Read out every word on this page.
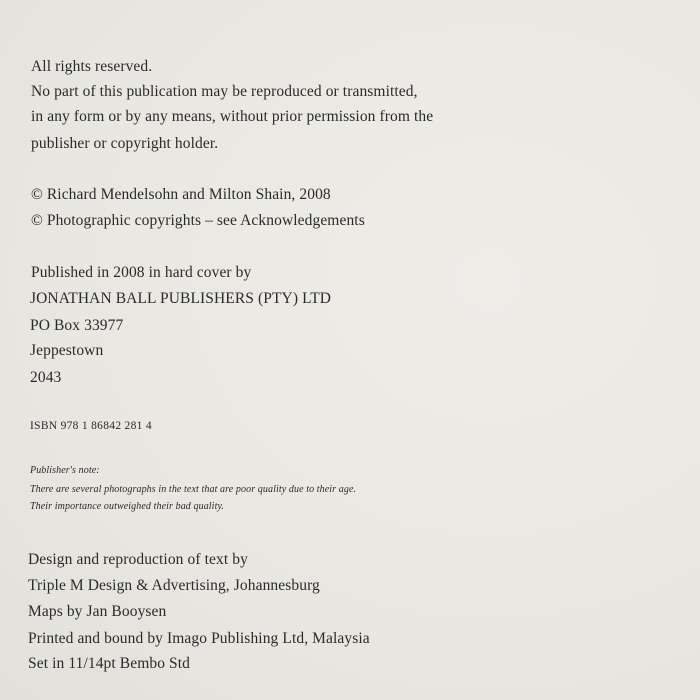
All rights reserved.
No part of this publication may be reproduced or transmitted,
in any form or by any means, without prior permission from the
publisher or copyright holder.
© Richard Mendelsohn and Milton Shain, 2008
© Photographic copyrights – see Acknowledgements
Published in 2008 in hard cover by
JONATHAN BALL PUBLISHERS (PTY) LTD
PO Box 33977
Jeppestown
2043
ISBN 978 1 86842 281 4
Publisher's note:
There are several photographs in the text that are poor quality due to their age.
Their importance outweighed their bad quality.
Design and reproduction of text by
Triple M Design & Advertising, Johannesburg
Maps by Jan Booysen
Printed and bound by Imago Publishing Ltd, Malaysia
Set in 11/14pt Bembo Std
